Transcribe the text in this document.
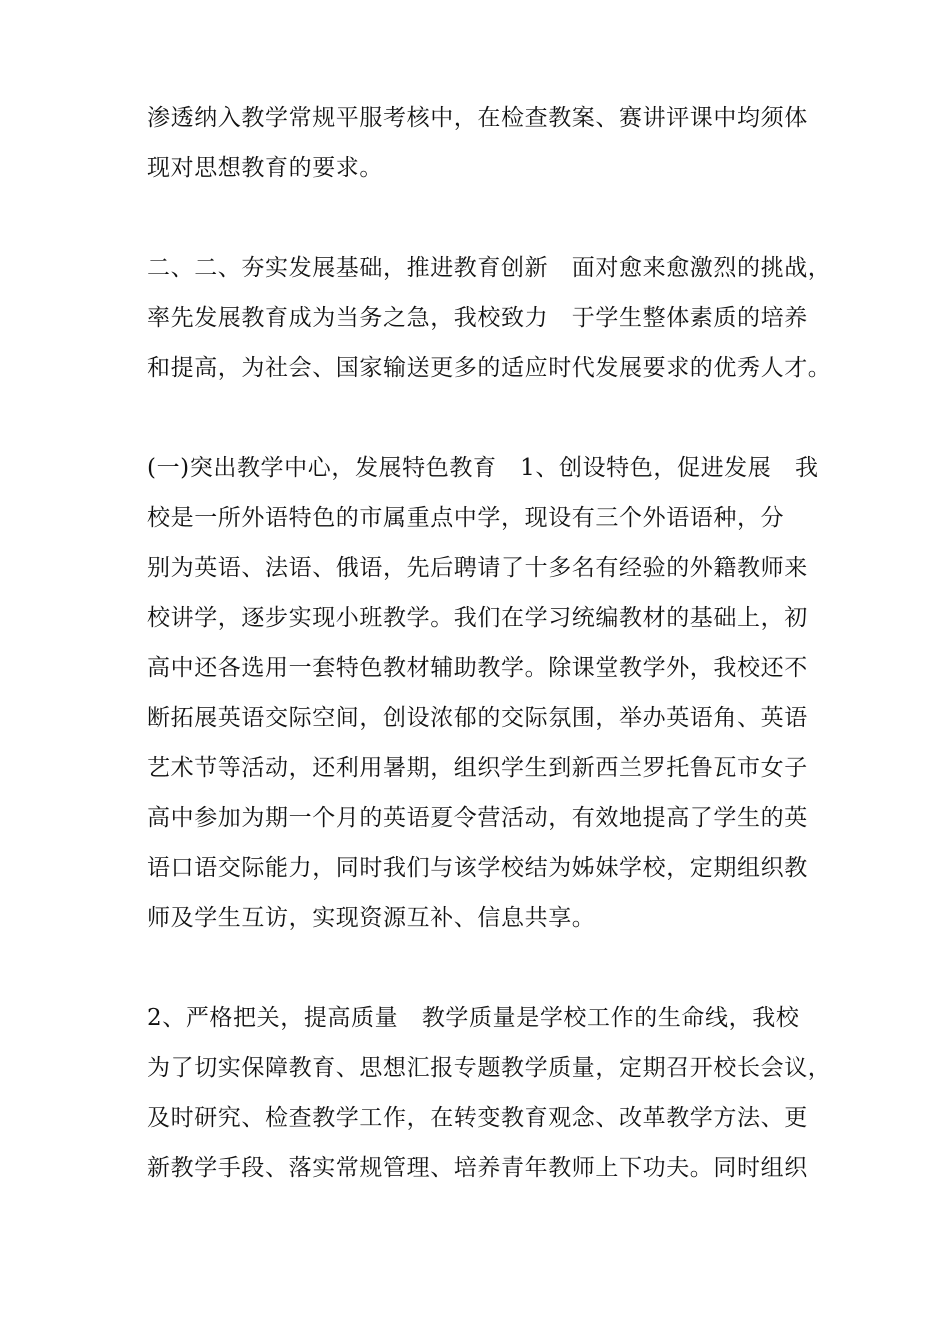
渗透纳入教学常规平服考核中，在检查教案、赛讲评课中均须体
现对思想教育的要求。
二、二、夯实发展基础，推进教育创新　面对愈来愈激烈的挑战，
率先发展教育成为当务之急，我校致力　于学生整体素质的培养
和提高，为社会、国家输送更多的适应时代发展要求的优秀人才。
(一)突出教学中心，发展特色教育　1、创设特色，促进发展　我
校是一所外语特色的市属重点中学，现设有三个外语语种，分
别为英语、法语、俄语，先后聘请了十多名有经验的外籍教师来
校讲学，逐步实现小班教学。我们在学习统编教材的基础上，初
高中还各选用一套特色教材辅助教学。除课堂教学外，我校还不
断拓展英语交际空间，创设浓郁的交际氛围，举办英语角、英语
艺术节等活动，还利用暑期，组织学生到新西兰罗托鲁瓦市女子
高中参加为期一个月的英语夏令营活动，有效地提高了学生的英
语口语交际能力，同时我们与该学校结为姊妹学校，定期组织教
师及学生互访，实现资源互补、信息共享。
2、严格把关，提高质量　教学质量是学校工作的生命线，我校
为了切实保障教育、思想汇报专题教学质量，定期召开校长会议，
及时研究、检查教学工作，在转变教育观念、改革教学方法、更
新教学手段、落实常规管理、培养青年教师上下功夫。同时组织
